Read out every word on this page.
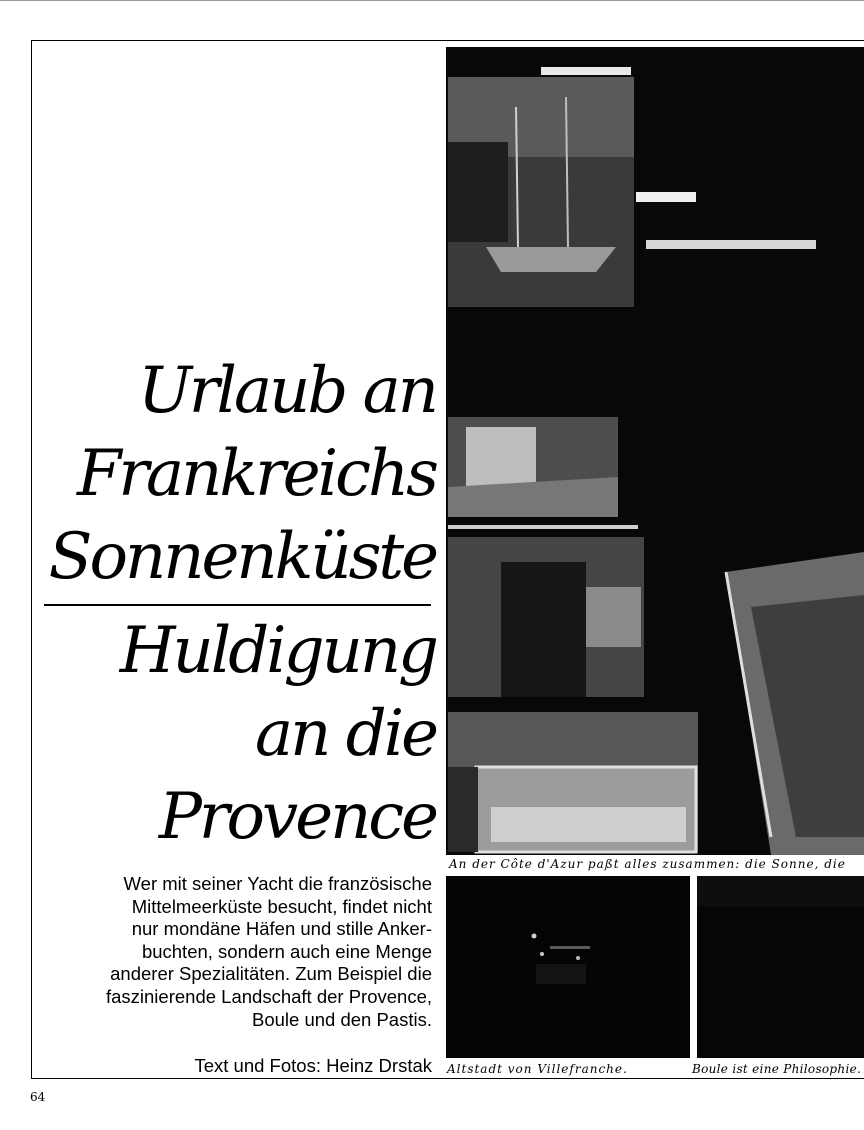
Urlaub an
Frankreichs
Sonnenküste
Huldigung
an die
Provence
Wer mit seiner Yacht die französische
Mittelmeerküste besucht, findet nicht
nur mondäne Häfen und stille Anker-
buchten, sondern auch eine Menge
anderer Spezialitäten. Zum Beispiel die
faszinierende Landschaft der Provence,
Boule und den Pastis.
Text und Fotos: Heinz Drstak
64
An der Côte d'Azur paßt alles zusammen: die Sonne, die
Altstadt von Villefranche.	Boule ist eine Philosophie.
